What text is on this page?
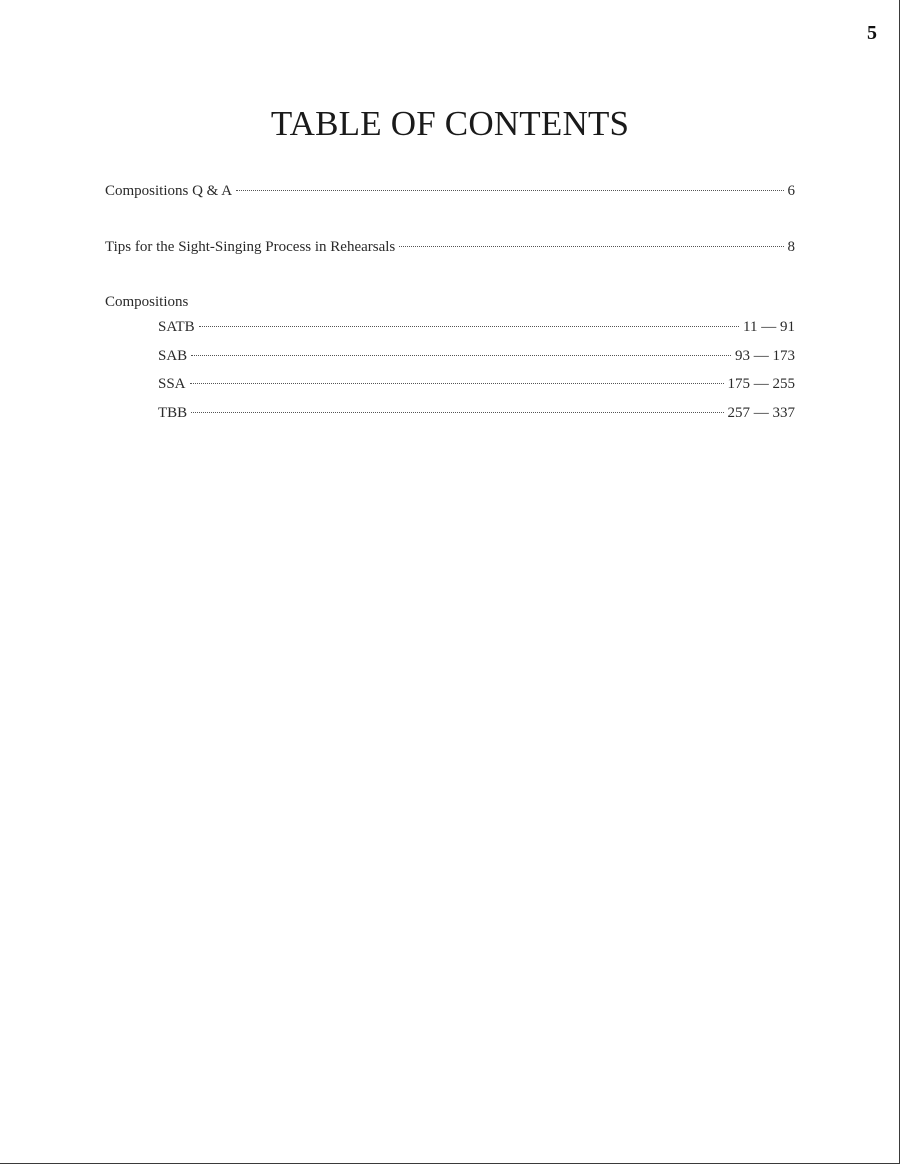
5
TABLE OF CONTENTS
Compositions Q & A	6
Tips for the Sight-Singing Process in Rehearsals	8
Compositions
SATB	11 — 91
SAB	93 — 173
SSA	175 — 255
TBB	257 — 337
